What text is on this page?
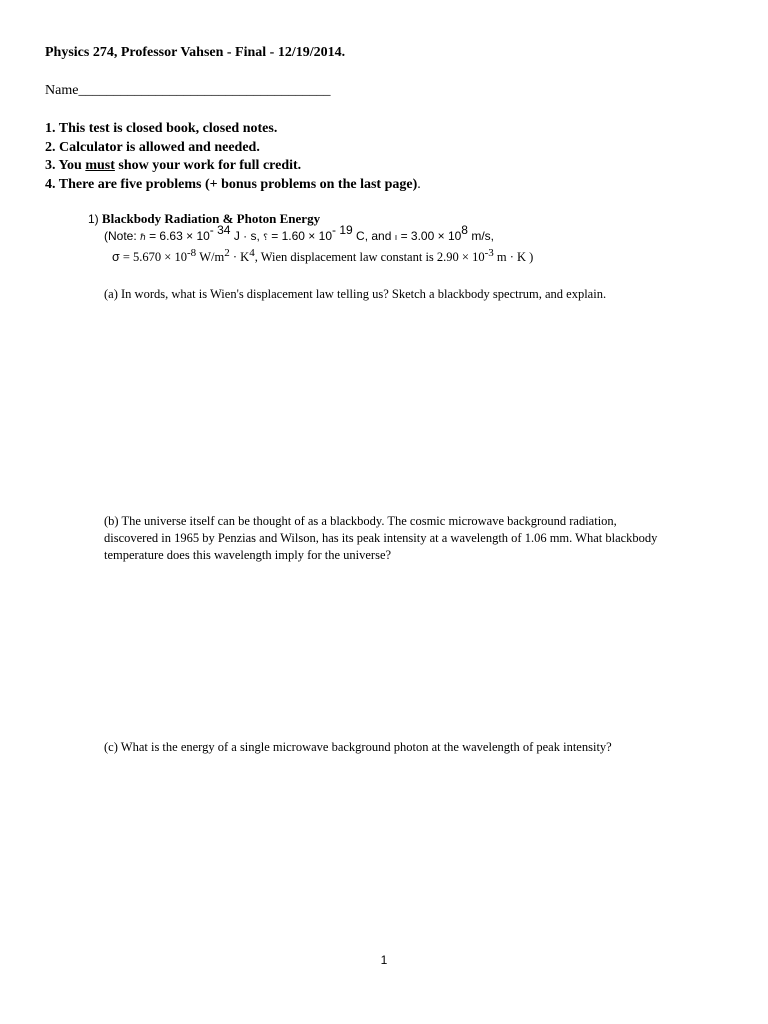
Physics 274, Professor Vahsen - Final - 12/19/2014.
Name____________________________________
1. This test is closed book, closed notes.
2. Calculator is allowed and needed.
3. You must show your work for full credit.
4. There are five problems (+ bonus problems on the last page).
1) Blackbody Radiation & Photon Energy
(Note: ℏ = $6.63 \times 10^{- 34}$ J · s, ⸮ = $1.60 \times 10^{- 19}$ C, and ı = $3.00 \times 10^8$ m/s,
$\sigma = 5.670 \times 10^{-8}$ $W/m^2 \cdot K^4$, Wien displacement law constant is $2.90 \times 10^{-3}$ m · K )
(a) In words, what is Wien's displacement law telling us? Sketch a blackbody spectrum, and explain.
(b) The universe itself can be thought of as a blackbody. The cosmic microwave background radiation, discovered in 1965 by Penzias and Wilson, has its peak intensity at a wavelength of 1.06 mm. What blackbody temperature does this wavelength imply for the universe?
(c) What is the energy of a single microwave background photon at the wavelength of peak intensity?
1
